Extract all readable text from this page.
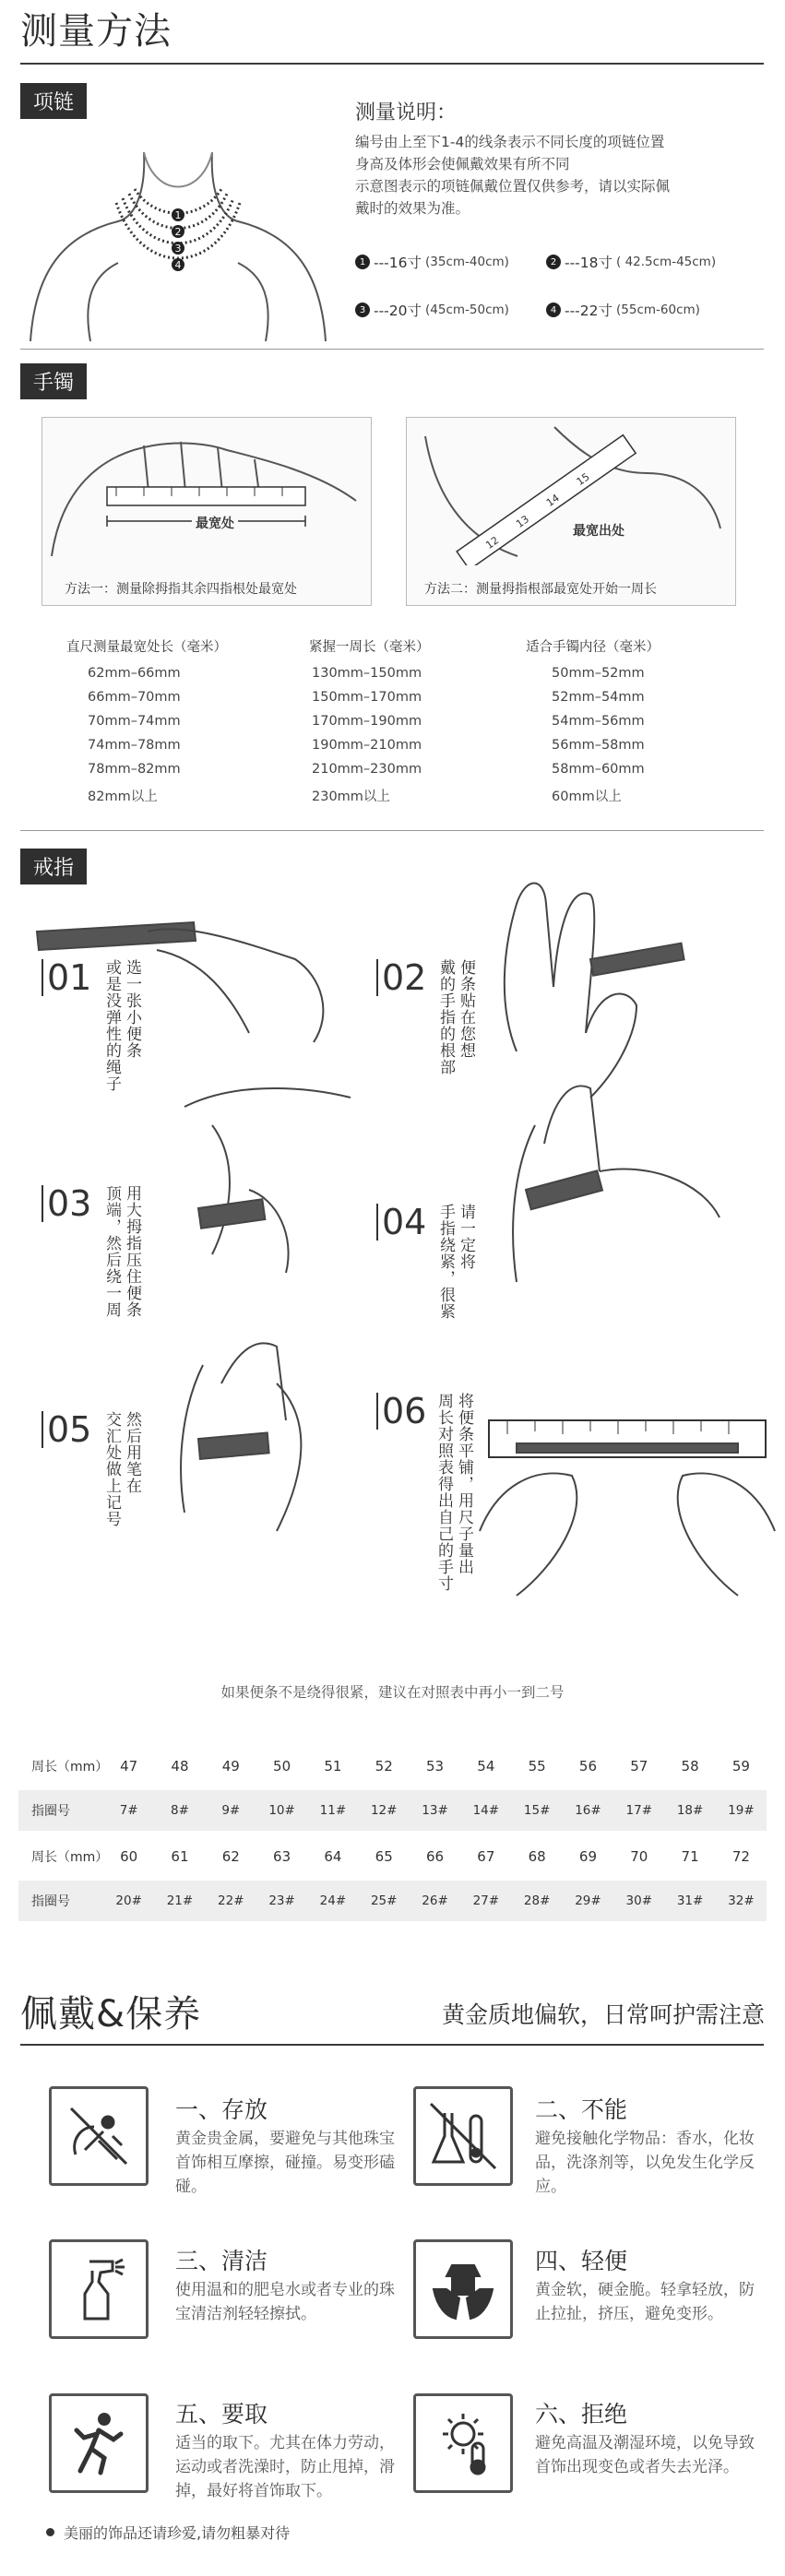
测量方法
项链
1
2
3
4
测量说明：
编号由上至下1-4的线条表示不同长度的项链位置
身高及体形会使佩戴效果有所不同
示意图表示的项链佩戴位置仅供参考，请以实际佩
戴时的效果为准。
1 ---16寸 (35cm-40cm)	2 ---18寸 ( 42.5cm-45cm)
3 ---20寸 (45cm-50cm)	4 ---22寸 (55cm-60cm)
手镯
最宽处
方法一：测量除拇指其余四指根处最宽处
12
13
14
15
最宽出处
方法二：测量拇指根部最宽处开始一周长
直尺测量最宽处长（毫米）	紧握一周长（毫米）	适合手镯内径（毫米）
62mm–66mm	130mm–150mm	50mm–52mm
66mm–70mm	150mm–170mm	52mm–54mm
70mm–74mm	170mm–190mm	54mm–56mm
74mm–78mm	190mm–210mm	56mm–58mm
78mm–82mm	210mm–230mm	58mm–60mm
82mm以上	230mm以上	60mm以上
戒指
01	选一张小便条
或是没弹性的绳子	02	便条贴在您想
戴的手指的根部
03	用大拇指压住便条
顶端，然后绕一周	04	请一定将
手指绕紧，很紧
05	然后用笔在
交汇处做上记号	06	将便条平铺，用尺子量出
周长对照表得出自己的手寸
如果便条不是绕得很紧，建议在对照表中再小一到二号
周长（mm） 47	48	49	50	51	52	53	54	55	56	57	58	59
指圈号	7#	8#	9#	10#	11#	12#	13#	14#	15#	16#	17#	18#	19#
周长（mm） 60	61	62	63	64	65	66	67	68	69	70	71	72
指圈号	20#	21#	22#	23#	24#	25#	26#	27#	28#	29#	30#	31#	32#
佩戴&保养	黄金质地偏软，日常呵护需注意
一、存放
黄金贵金属，要避免与其他珠宝首饰相互摩擦，碰撞。易变形磕碰。
二、不能
避免接触化学物品：香水，化妆品，洗涤剂等，以免发生化学反应。
三、清洁
使用温和的肥皂水或者专业的珠宝清洁剂轻轻擦拭。
四、轻便
黄金软，硬金脆。轻拿轻放，防止拉扯，挤压，避免变形。
五、要取
适当的取下。尤其在体力劳动，运动或者洗澡时，防止甩掉，滑掉，最好将首饰取下。
六、拒绝
避免高温及潮湿环境，以免导致首饰出现变色或者失去光泽。
美丽的饰品还请珍爱,请勿粗暴对待
